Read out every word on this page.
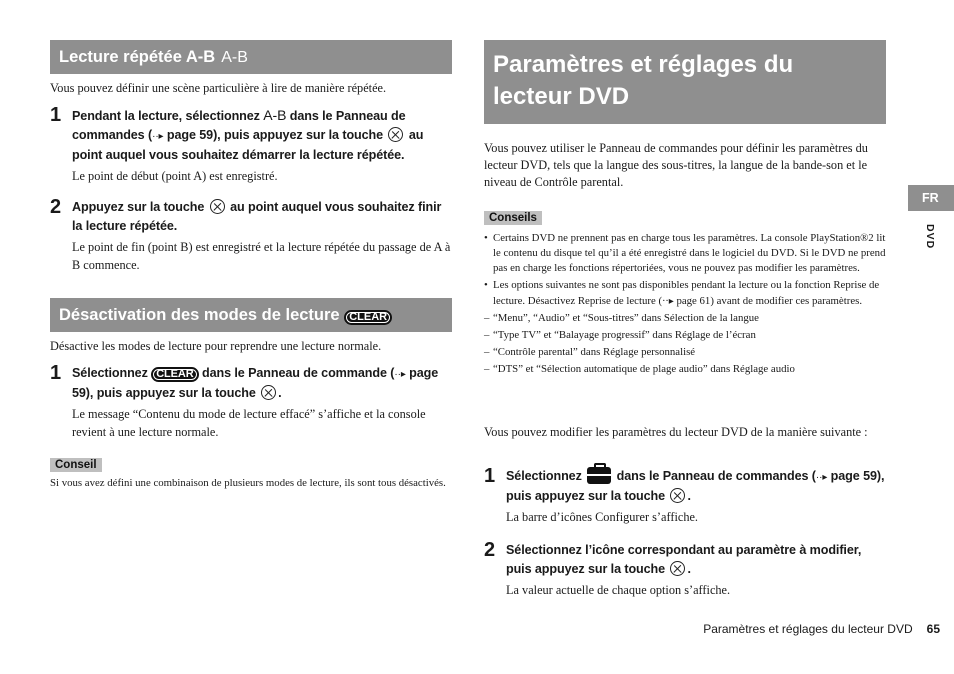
Lecture répétée A-B A-B
Vous pouvez définir une scène particulière à lire de manière répétée.
1 Pendant la lecture, sélectionnez A-B dans le Panneau de commandes (··▸ page 59), puis appuyez sur la touche au point auquel vous souhaitez démarrer la lecture répétée.
Le point de début (point A) est enregistré.
2 Appuyez sur la touche au point auquel vous souhaitez finir la lecture répétée.
Le point de fin (point B) est enregistré et la lecture répétée du passage de A à B commence.
Désactivation des modes de lecture CLEAR
Désactive les modes de lecture pour reprendre une lecture normale.
1 Sélectionnez CLEAR dans le Panneau de commande (··▸ page 59), puis appuyez sur la touche .
Le message “Contenu du mode de lecture effacé” s’affiche et la console revient à une lecture normale.
Conseil
Si vous avez défini une combinaison de plusieurs modes de lecture, ils sont tous désactivés.
Paramètres et réglages du
lecteur DVD
Vous pouvez utiliser le Panneau de commandes pour définir les paramètres du lecteur DVD, tels que la langue des sous-titres, la langue de la bande-son et le niveau de Contrôle parental.
Conseils
• Certains DVD ne prennent pas en charge tous les paramètres. La console PlayStation®2 lit le contenu du disque tel qu’il a été enregistré dans le logiciel du DVD. Si le DVD ne prend pas en charge les fonctions répertoriées, vous ne pouvez pas modifier les paramètres.
• Les options suivantes ne sont pas disponibles pendant la lecture ou la fonction Reprise de lecture. Désactivez Reprise de lecture (··▸ page 61) avant de modifier ces paramètres.
– “Menu”, “Audio” et “Sous-titres” dans Sélection de la langue
– “Type TV” et “Balayage progressif” dans Réglage de l’écran
– “Contrôle parental” dans Réglage personnalisé
– “DTS” et “Sélection automatique de plage audio” dans Réglage audio
Vous pouvez modifier les paramètres du lecteur DVD de la manière suivante :
1 Sélectionnez	dans le Panneau de commandes (··▸ page 59), puis appuyez sur la touche .
La barre d’icônes Configurer s’affiche.
2 Sélectionnez l’icône correspondant au paramètre à modifier, puis appuyez sur la touche .
La valeur actuelle de chaque option s’affiche.
FR
DVD
Paramètres et réglages du lecteur DVD 65
